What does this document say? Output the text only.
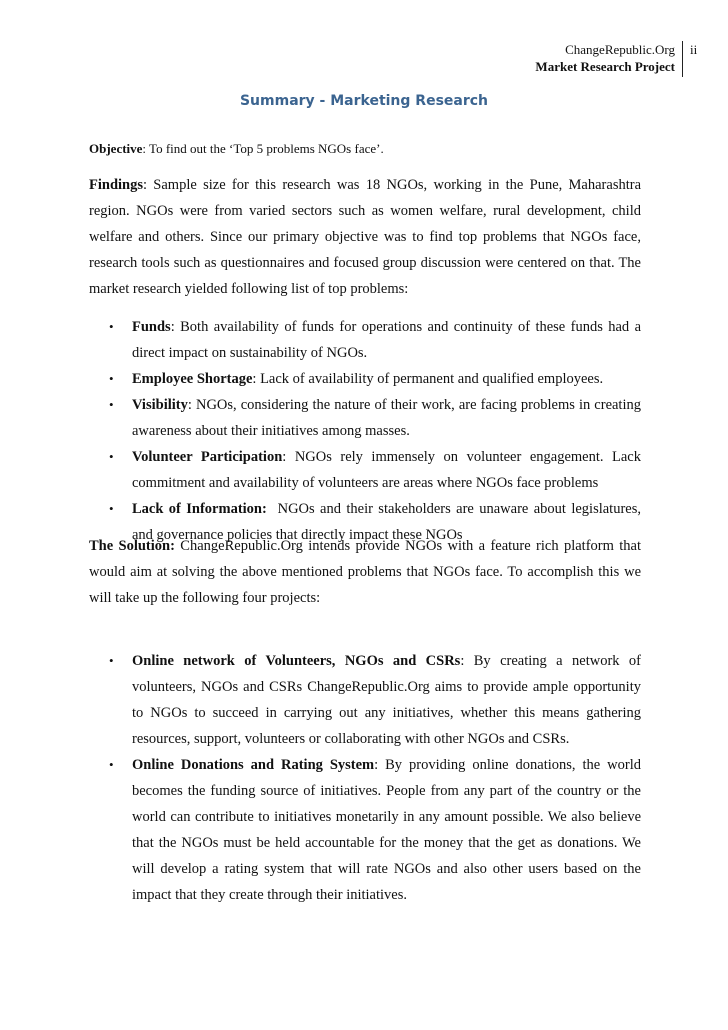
ChangeRepublic.Org
Market Research Project
ii
Summary - Marketing Research

Objective: To find out the ‘Top 5 problems NGOs face’.

Findings: Sample size for this research was 18 NGOs, working in the Pune, Maharashtra region. NGOs were from varied sectors such as women welfare, rural development, child welfare and others. Since our primary objective was to find top problems that NGOs face, research tools such as questionnaires and focused group discussion were centered on that. The market research yielded following list of top problems:

• Funds: Both availability of funds for operations and continuity of these funds had a direct impact on sustainability of NGOs.
• Employee Shortage: Lack of availability of permanent and qualified employees.
• Visibility: NGOs, considering the nature of their work, are facing problems in creating awareness about their initiatives among masses.
• Volunteer Participation: NGOs rely immensely on volunteer engagement. Lack commitment and availability of volunteers are areas where NGOs face problems
• Lack of Information:  NGOs and their stakeholders are unaware about legislatures, and governance policies that directly impact these NGOs

The Solution: ChangeRepublic.Org intends provide NGOs with a feature rich platform that would aim at solving the above mentioned problems that NGOs face. To accomplish this we will take up the following four projects:

• Online network of Volunteers, NGOs and CSRs: By creating a network of volunteers, NGOs and CSRs ChangeRepublic.Org aims to provide ample opportunity to NGOs to succeed in carrying out any initiatives, whether this means gathering resources, support, volunteers or collaborating with other NGOs and CSRs.
• Online Donations and Rating System: By providing online donations, the world becomes the funding source of initiatives. People from any part of the country or the world can contribute to initiatives monetarily in any amount possible. We also believe that the NGOs must be held accountable for the money that the get as donations. We will develop a rating system that will rate NGOs and also other users based on the impact that they create through their initiatives.
